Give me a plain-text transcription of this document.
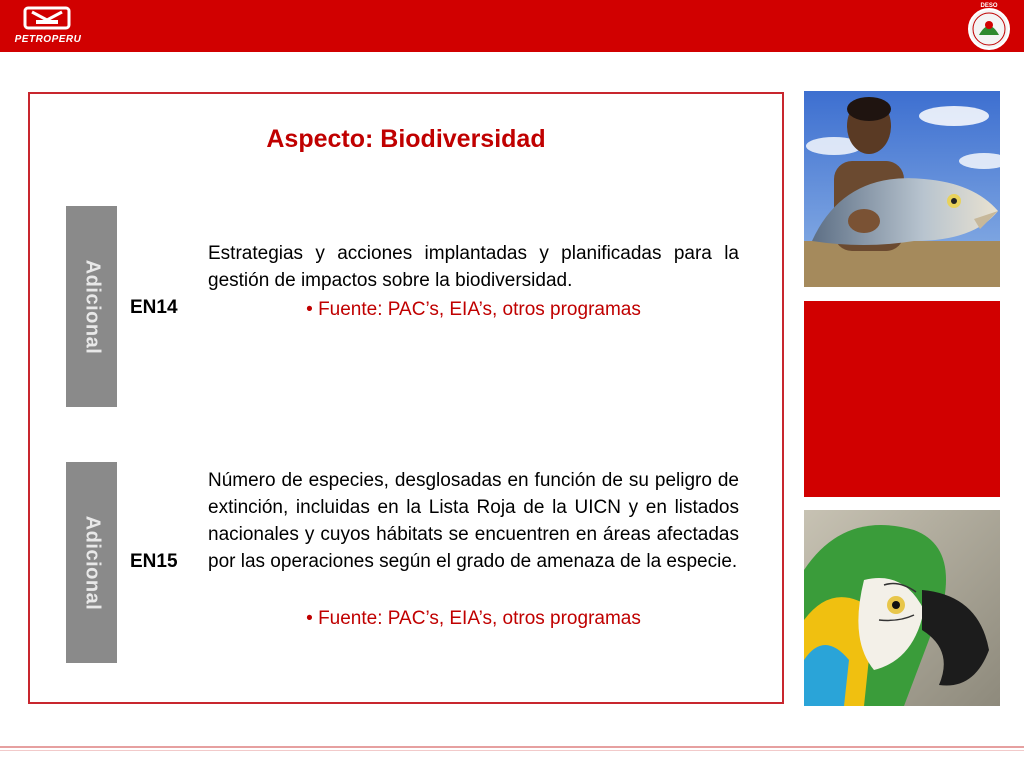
PETROPERU
DESO
Aspecto: Biodiversidad
Adicional EN14
Estrategias y acciones implantadas y planificadas para la gestión de impactos sobre la biodiversidad.
• Fuente: PAC’s, EIA’s, otros programas
Adicional EN15
Número de especies, desglosadas en función de su peligro de extinción, incluidas en la Lista Roja de la UICN y en listados nacionales y cuyos hábitats se encuentren en áreas afectadas por las operaciones según el grado de amenaza de la especie.
• Fuente: PAC’s, EIA’s, otros programas
